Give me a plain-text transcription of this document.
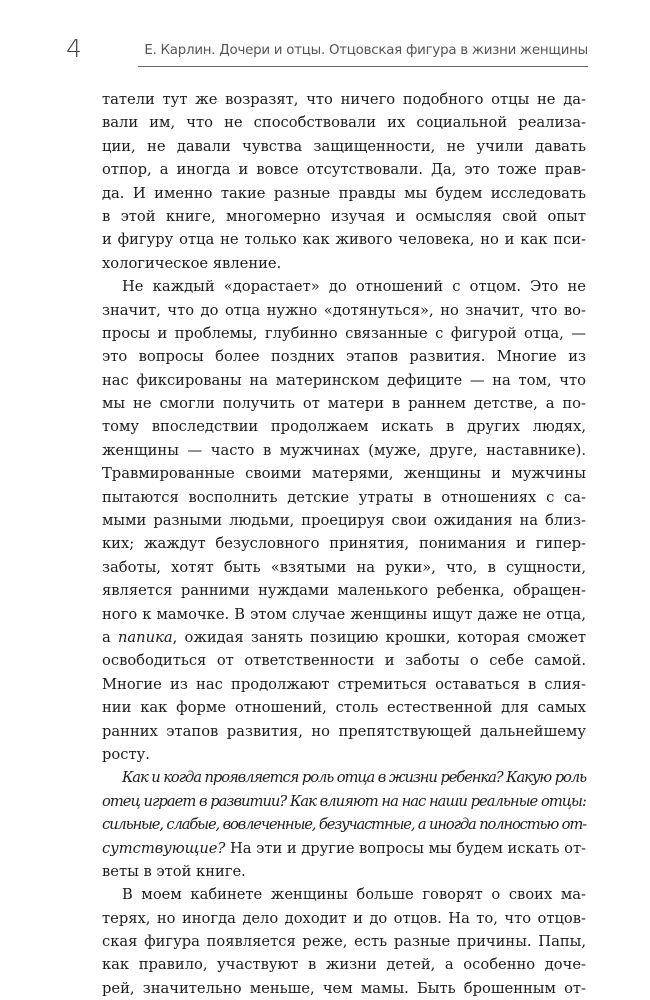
4	Е. Карлин. Дочери и отцы. Отцовская фигура в жизни женщины
татели тут же возразят, что ничего подобного отцы не да-
вали им, что не способствовали их социальной реализа-
ции, не давали чувства защищенности, не учили давать
отпор, а иногда и вовсе отсутствовали. Да, это тоже прав-
да. И именно такие разные правды мы будем исследовать
в этой книге, многомерно изучая и осмысляя свой опыт
и фигуру отца не только как живого человека, но и как пси-
хологическое явление.
Не каждый «дорастает» до отношений с отцом. Это не
значит, что до отца нужно «дотянуться», но значит, что во-
просы и проблемы, глубинно связанные с фигурой отца, —
это вопросы более поздних этапов развития. Многие из
нас фиксированы на материнском дефиците — на том, что
мы не смогли получить от матери в раннем детстве, а по-
тому впоследствии продолжаем искать в других людях,
женщины — часто в мужчинах (муже, друге, наставнике).
Травмированные своими матерями, женщины и мужчины
пытаются восполнить детские утраты в отношениях с са-
мыми разными людьми, проецируя свои ожидания на близ-
ких; жаждут безусловного принятия, понимания и гипер-
заботы, хотят быть «взятыми на руки», что, в сущности,
является ранними нуждами маленького ребенка, обращен-
ного к мамочке. В этом случае женщины ищут даже не отца,
а папика, ожидая занять позицию крошки, которая сможет
освободиться от ответственности и заботы о себе самой.
Многие из нас продолжают стремиться оставаться в слия-
нии как форме отношений, столь естественной для самых
ранних этапов развития, но препятствующей дальнейшему
росту.
Как и когда проявляется роль отца в жизни ребенка? Какую роль
отец играет в развитии? Как влияют на нас наши реальные отцы:
сильные, слабые, вовлеченные, безучастные, а иногда полностью от-
сутствующие? На эти и другие вопросы мы будем искать от-
веты в этой книге.
В моем кабинете женщины больше говорят о своих ма-
терях, но иногда дело доходит и до отцов. На то, что отцов-
ская фигура появляется реже, есть разные причины. Папы,
как правило, участвуют в жизни детей, а особенно доче-
рей, значительно меньше, чем мамы. Быть брошенным от-
